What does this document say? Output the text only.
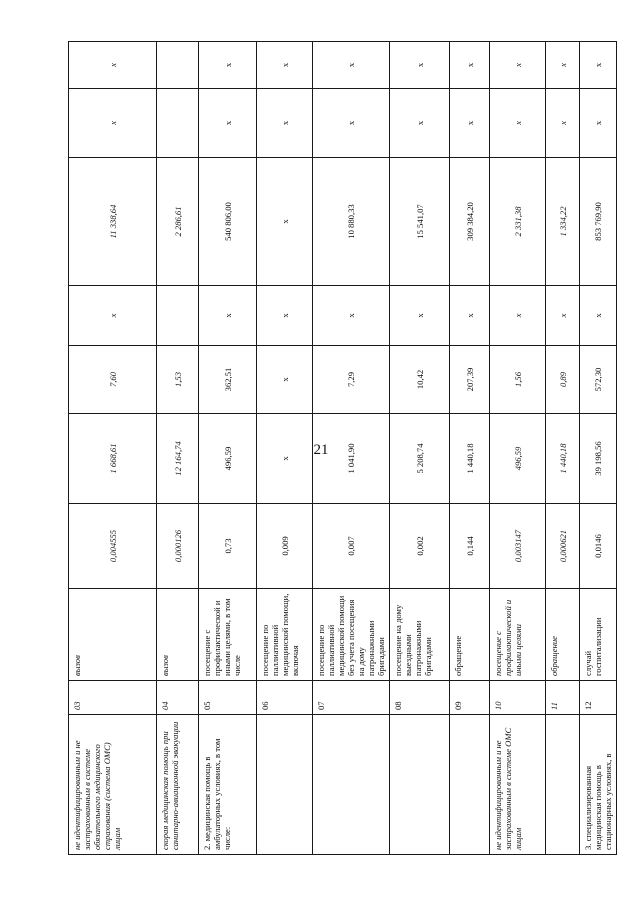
21
не идентифицированным и не застрахованным в системе обязательного медицинского страхования (система ОМС) лицам	03	вызов	0,004555	1 668,61	7,60	x	11 338,64	x	x
скорая медицинская помощь при санитарно-авиационной эвакуации	04	вызов	0,000126	12 164,74	1,53		2 286,61		
2. медицинская помощь в амбулаторных условиях, в том числе:	05	посещение с профилактической и иными целями, в том числе	0,73	496,59	362,51	x	540 806,00	x	x
	06	посещение по паллиативной медицинской помощи, включая	0,009	x	x	x	x	x	x
	07	посещение по паллиативной медицинской помощи без учета посещения на дому патронажными бригадами	0,007	1 041,90	7,29	x	10 880,33	x	x
	08	посещение на дому выездными патронажными бригадами	0,002	5 208,74	10,42	x	15 541,07	x	x
	09	обращение	0,144	1 440,18	207,39	x	309 384,20	x	x
не идентифицированным и не застрахованным в системе ОМС лицам	10	посещение с профилактической и иными целями	0,003147	496,59	1,56	x	2 331,38	x	x
	11	обращение	0,000621	1 440,18	0,89	x	1 334,22	x	x
3. специализированная медицинская помощь в стационарных условиях, в	12	случай госпитализации	0,0146	39 198,56	572,30	x	853 769,90	x	x
